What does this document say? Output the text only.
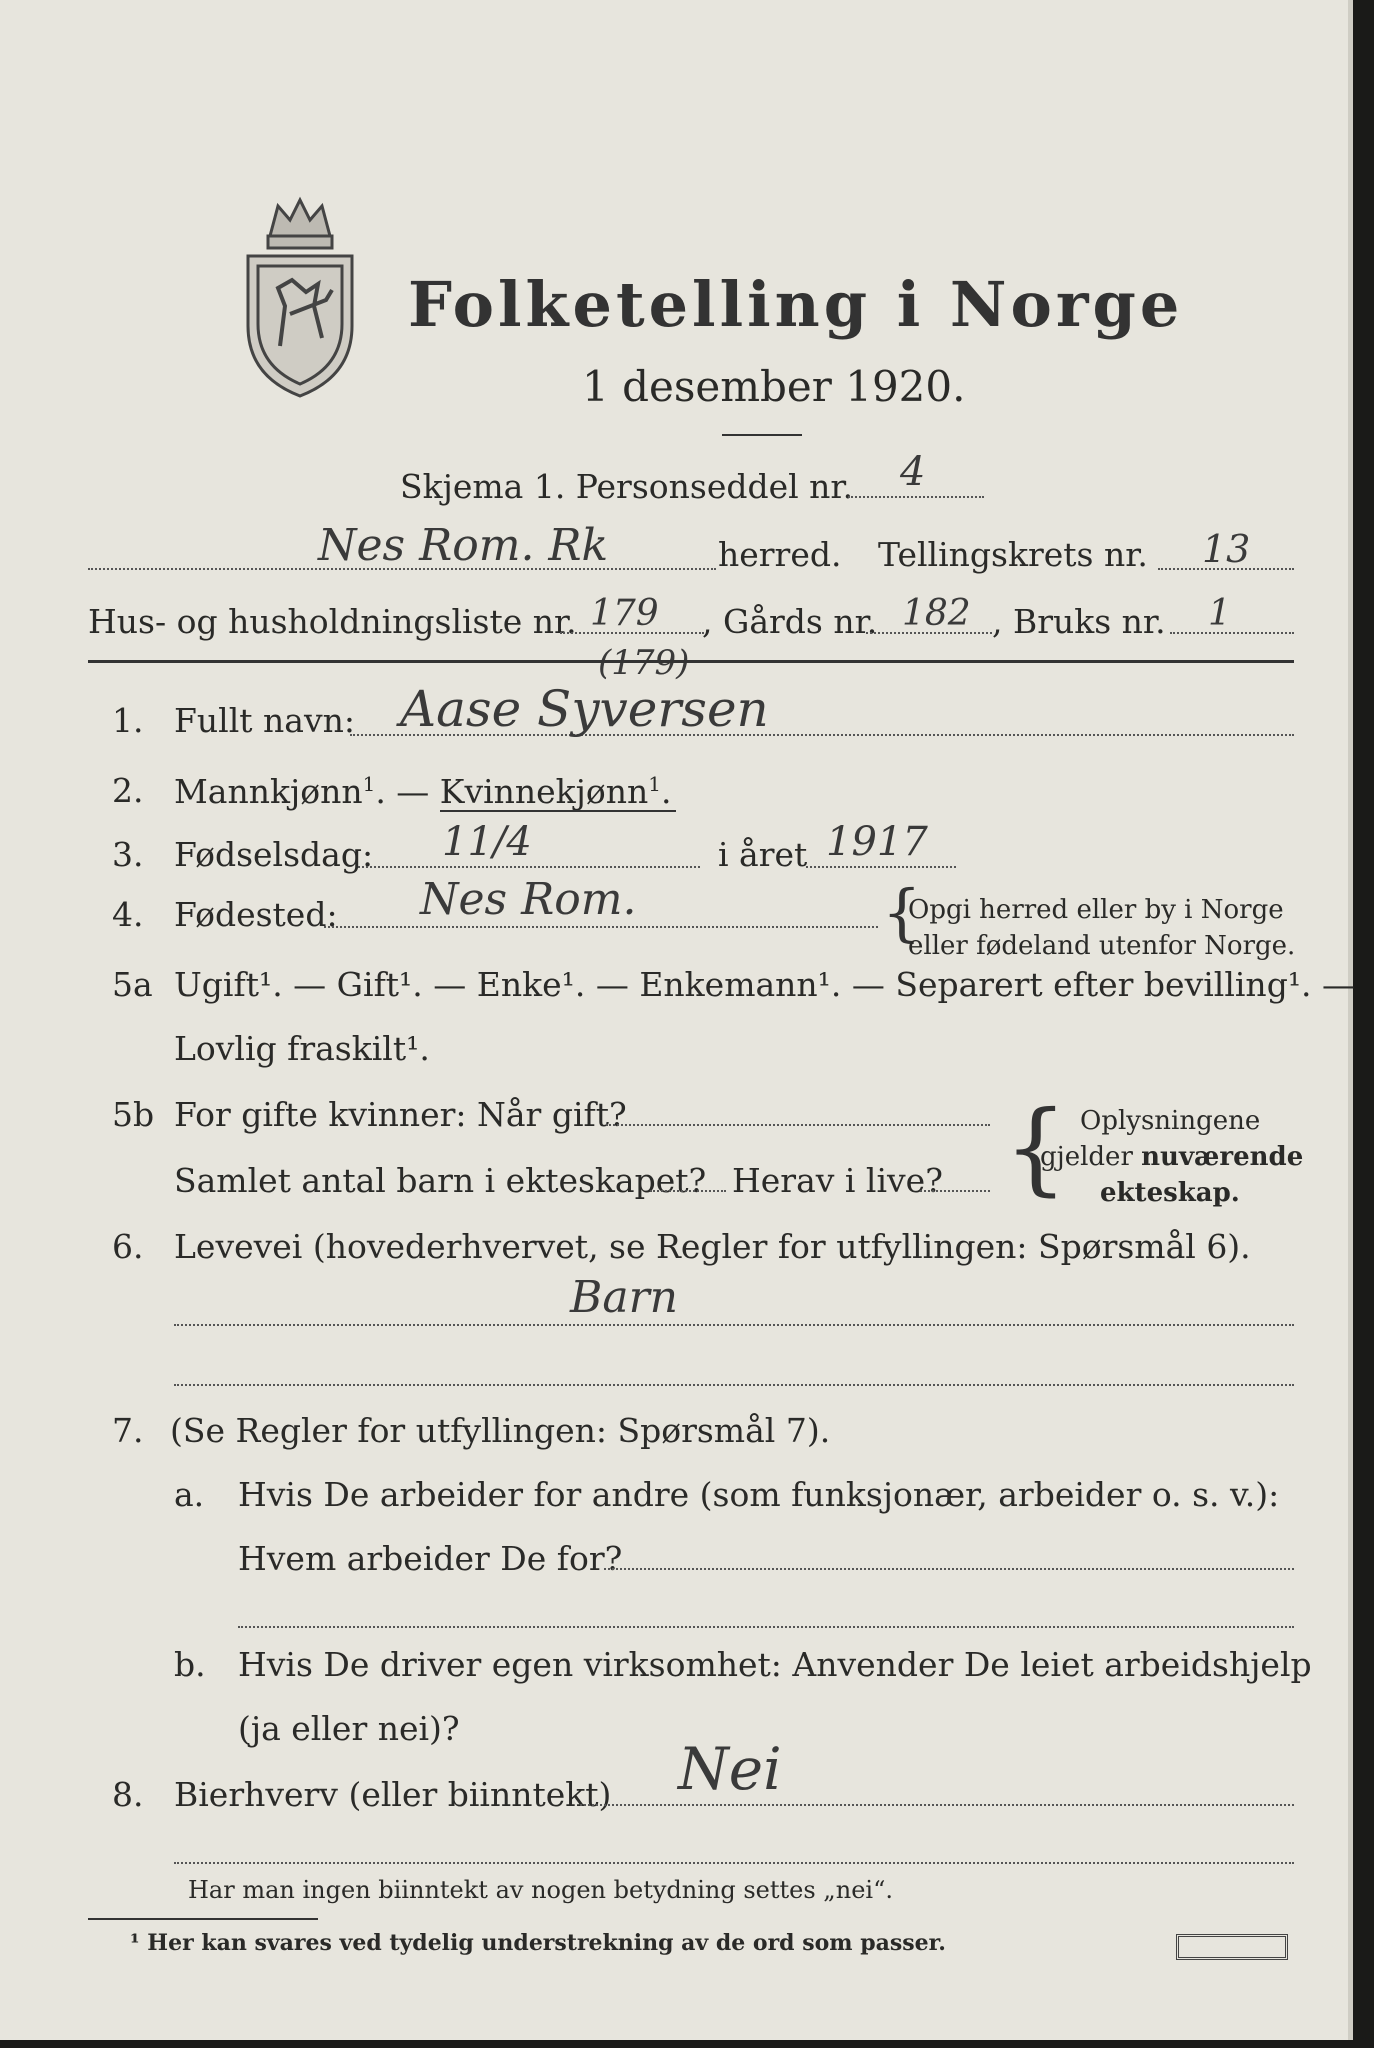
Folketelling i Norge
1 desember 1920.
Skjema 1. Personseddel nr. 4
Nes Rom. Rk	herred. Tellingskrets nr. 13
Hus- og husholdningsliste nr. 179 , Gårds nr. 182 , Bruks nr. 1
(179)
1. Fullt navn: Aase Syversen
2. Mannkjønn$^1$. — Kvinnekjønn$^1$.
3. Fødselsdag: 11/4	i året 1917
4. Fødested: Nes Rom.	{
Opgi herred eller by i Norge
eller fødeland utenfor Norge.
5a Ugift¹. — Gift¹. — Enke¹. — Enkemann¹. — Separert efter bevilling¹. —
Lovlig fraskilt¹.
5b For gifte kvinner: Når gift?
Samlet antal barn i ekteskapet? Herav i live? { Oplysningene
gjelder nuværende
ekteskap.
6. Levevei (hovederhvervet, se Regler for utfyllingen: Spørsmål 6).
Barn
7. (Se Regler for utfyllingen: Spørsmål 7).
a. Hvis De arbeider for andre (som funksjonær, arbeider o. s. v.):
Hvem arbeider De for?
b. Hvis De driver egen virksomhet: Anvender De leiet arbeidshjelp
(ja eller nei)?
8. Bierhverv (eller biinntekt) Nei
Har man ingen biinntekt av nogen betydning settes „nei“.
¹ Her kan svares ved tydelig understrekning av de ord som passer.
